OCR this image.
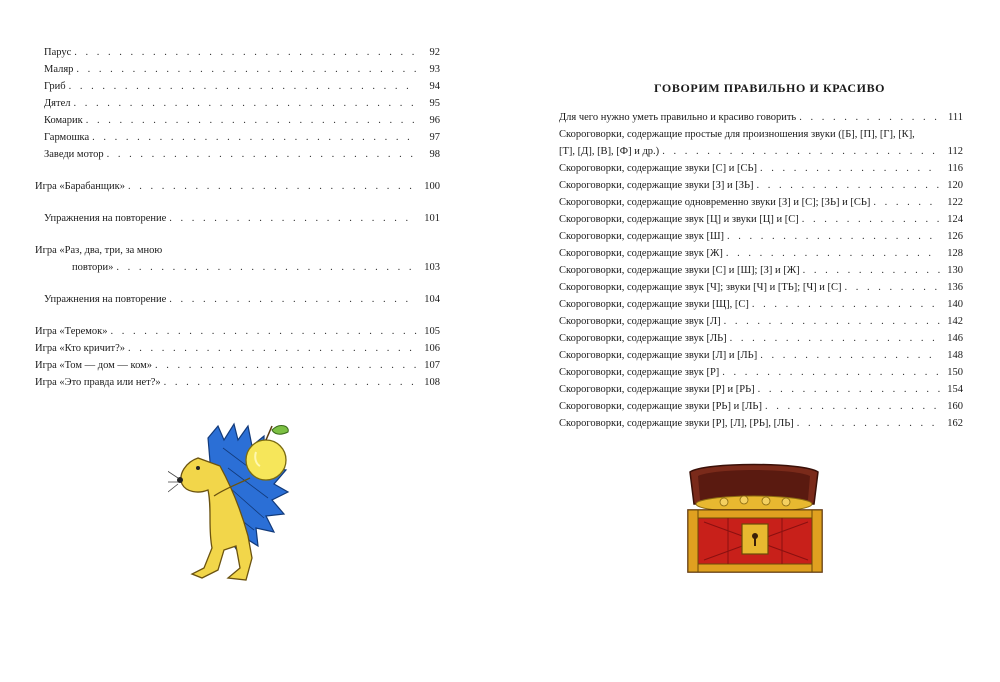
Парус . . .	92
Маляр . . .	93
Гриб . . .	94
Дятел . . .	95
Комарик . . .	96
Гармошка . . .	97
Заведи мотор . . .	98
Игра «Барабанщик» . . .	100
Упражнения на повторение . . .	101
Игра «Раз, два, три, за мною
повтори» . . .	103
Упражнения на повторение . . .	104
Игра «Теремок» . . .	105
Игра «Кто кричит?» . . .	106
Игра «Том — дом — ком» . . .	107
Игра «Это правда или нет?» . . .	108
ГОВОРИМ ПРАВИЛЬНО И КРАСИВО
Для чего нужно уметь правильно и красиво говорить . . .	111
Скороговорки, содержащие простые для произношения звуки ([Б], [П], [Г], [К],
[Т], [Д], [В], [Ф] и др.) . . .	112
Скороговорки, содержащие звуки [С] и [СЬ] . . .	116
Скороговорки, содержащие звуки [З] и [ЗЬ] . . .	120
Скороговорки, содержащие одновременно звуки [З] и [С]; [ЗЬ] и [СЬ] . . .	122
Скороговорки, содержащие звук [Ц] и звуки [Ц] и [С] . . .	124
Скороговорки, содержащие звук [Ш] . . .	126
Скороговорки, содержащие звук [Ж] . . .	128
Скороговорки, содержащие звуки [С] и [Ш]; [З] и [Ж] . . .	130
Скороговорки, содержащие звук [Ч]; звуки [Ч] и [ТЬ]; [Ч] и [С] . . .	136
Скороговорки, содержащие звуки [Щ], [С] . . .	140
Скороговорки, содержащие звук [Л] . . .	142
Скороговорки, содержащие звук [ЛЬ] . . .	146
Скороговорки, содержащие звуки [Л] и [ЛЬ] . . .	148
Скороговорки, содержащие звук [Р] . . .	150
Скороговорки, содержащие звуки [Р] и [РЬ] . . .	154
Скороговорки, содержащие звуки [РЬ] и [ЛЬ] . . .	160
Скороговорки, содержащие звуки [Р], [Л], [РЬ], [ЛЬ] . . .	162
